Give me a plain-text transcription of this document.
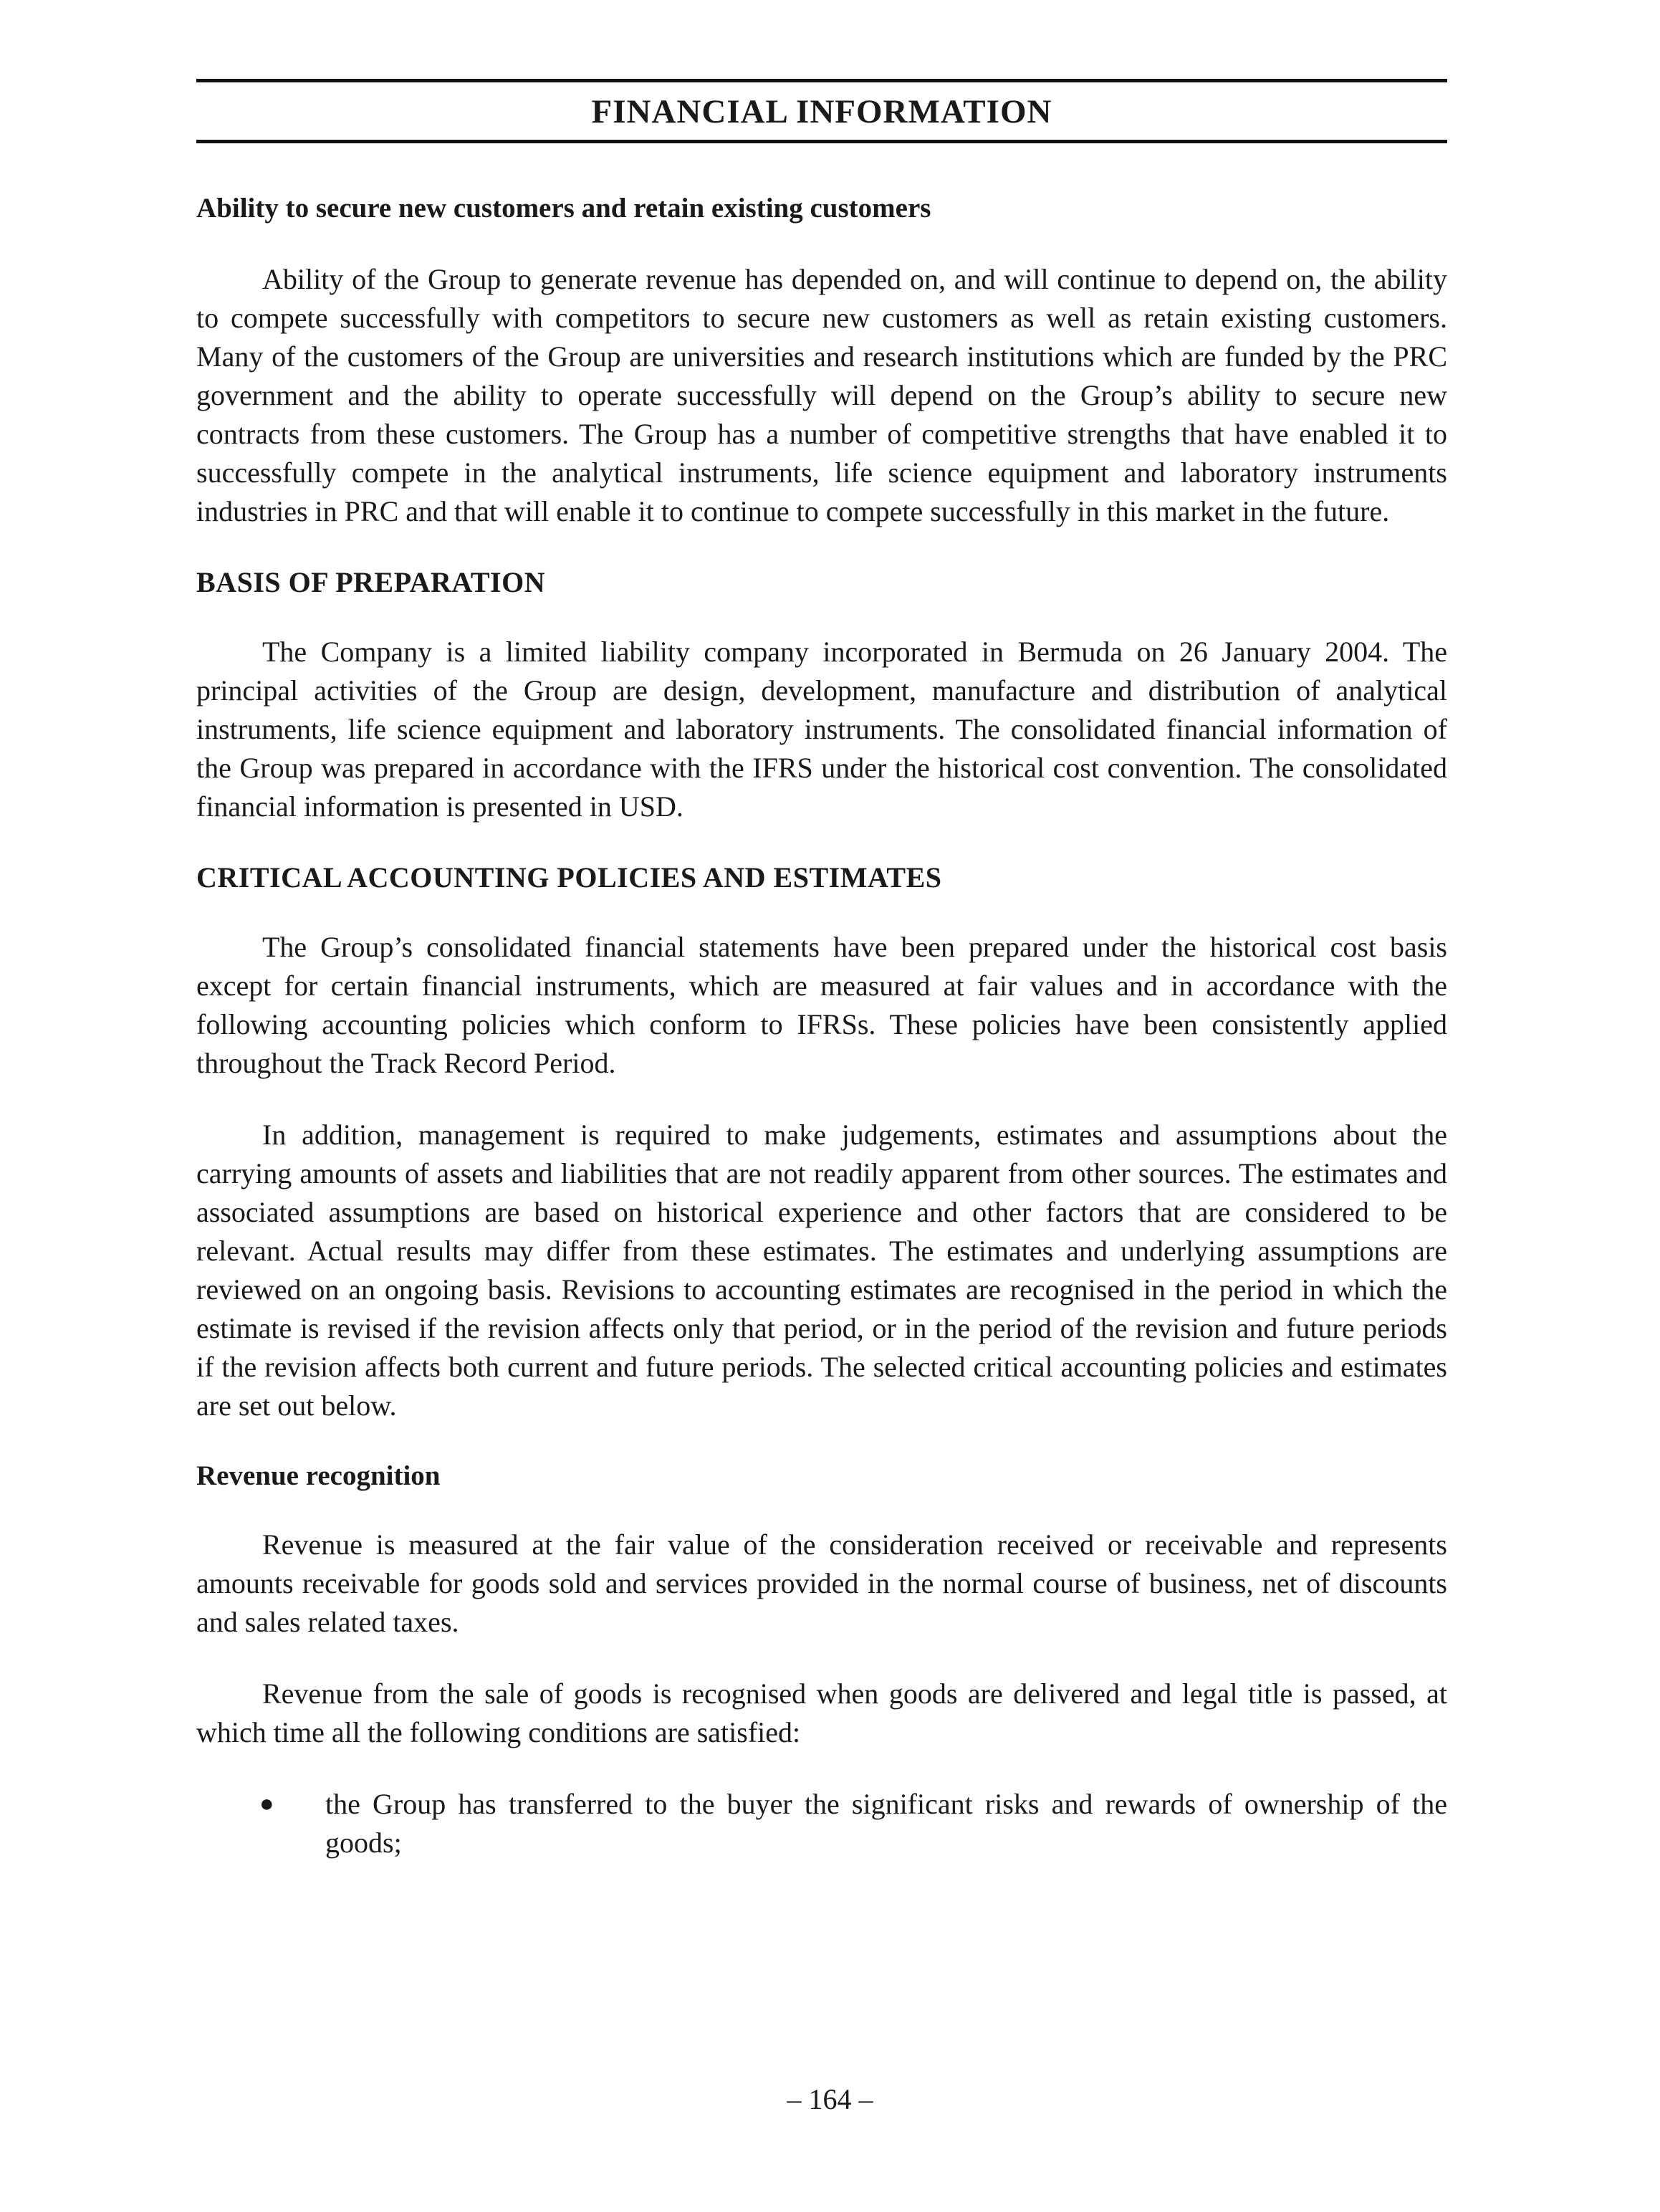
FINANCIAL INFORMATION
Ability to secure new customers and retain existing customers

Ability of the Group to generate revenue has depended on, and will continue to depend on, the ability to compete successfully with competitors to secure new customers as well as retain existing customers. Many of the customers of the Group are universities and research institutions which are funded by the PRC government and the ability to operate successfully will depend on the Group’s ability to secure new contracts from these customers. The Group has a number of competitive strengths that have enabled it to successfully compete in the analytical instruments, life science equipment and laboratory instruments industries in PRC and that will enable it to continue to compete successfully in this market in the future.

BASIS OF PREPARATION

The Company is a limited liability company incorporated in Bermuda on 26 January 2004. The principal activities of the Group are design, development, manufacture and distribution of analytical instruments, life science equipment and laboratory instruments. The consolidated financial information of the Group was prepared in accordance with the IFRS under the historical cost convention. The consolidated financial information is presented in USD.

CRITICAL ACCOUNTING POLICIES AND ESTIMATES

The Group’s consolidated financial statements have been prepared under the historical cost basis except for certain financial instruments, which are measured at fair values and in accordance with the following accounting policies which conform to IFRSs. These policies have been consistently applied throughout the Track Record Period.

In addition, management is required to make judgements, estimates and assumptions about the carrying amounts of assets and liabilities that are not readily apparent from other sources. The estimates and associated assumptions are based on historical experience and other factors that are considered to be relevant. Actual results may differ from these estimates. The estimates and underlying assumptions are reviewed on an ongoing basis. Revisions to accounting estimates are recognised in the period in which the estimate is revised if the revision affects only that period, or in the period of the revision and future periods if the revision affects both current and future periods. The selected critical accounting policies and estimates are set out below.

Revenue recognition

Revenue is measured at the fair value of the consideration received or receivable and represents amounts receivable for goods sold and services provided in the normal course of business, net of discounts and sales related taxes.

Revenue from the sale of goods is recognised when goods are delivered and legal title is passed, at which time all the following conditions are satisfied:

●	the Group has transferred to the buyer the significant risks and rewards of ownership of the goods;
– 164 –
